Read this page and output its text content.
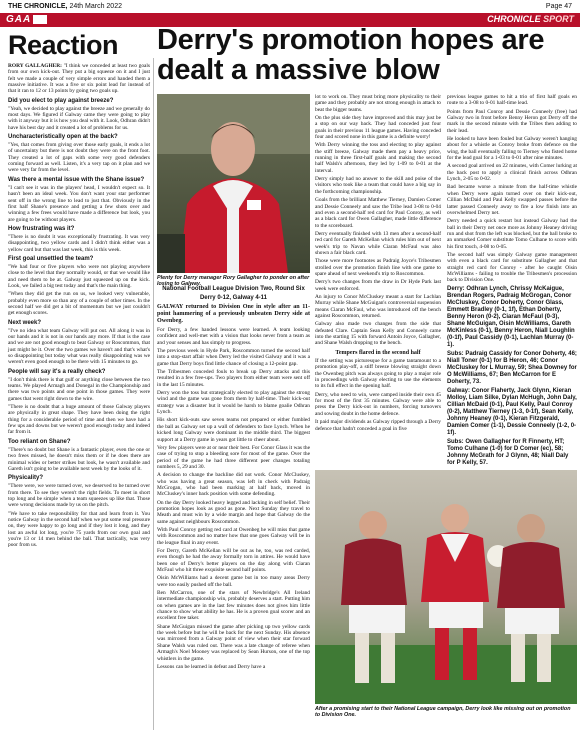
THE CHRONICLE, 24th March 2022	Page 47
GAA	CHRONICLE SPORT
Reaction

RORY GALLAGHER: "I think we conceded at least two goals from our own kick-out. They put a big squeeze on it and I just felt we made a couple of very simple errors and handed them a massive initiative. It was a five or six point lead for instead of that it ran to 12 or 13 points by going two goals up.

Did you elect to play against breeze?

"Yeah, we decided to play against the breeze and we generally do most days. We figured if Galway came they were going to play with it anyway but it is how you deal with it. Look, Odhran didn't have his best day and it created a lot of problems for us.

Uncharacteristically open at the back?

"Yes, that comes from giving over those early goals, it ends a lot of uncertainty but there is not doubt they were on the front foot. They created a lot of gaps with some very good defenders coming forward as well. Listen, it's a very tap on it plan and we were very far from the level.

Was there a mental issue with the Shane issue?

"I can't see it was in the players' head, I wouldn't expect so. It hasn't been an ideal week. You don't want your star performer sent off in the wrong line to lead to just that. Obviously in the first half Shane's presence and getting a few shots over and winning a few frees would have made a difference but look, you are going to be without players.

How frustrating was it?

"There is no doubt it was exceptionally frustrating. It was very disappointing, two yellow cards and I didn't think either was a yellow card but that was last week, this is this week.

First goal unsettled the team?

"We had four or five players who were not playing anywhere close to the level that they normally would, or that we would like and need them to be at. Galway just squeezed up on the kick. Look, we failed a big test today and that's the main thing.

"When they did get the run on us, we looked very vulnerable, probably even more so than any of a couple of other times. In the second half we did get a bit of momentum but we just couldn't get enough scores.

Next week?

"I've no idea what team Galway will put out. All along it was in our hands and it is not in our hands any more. If that is the case and we are not good enough to beat Galway or Roscommon, that just might be it. Over the two games we haven't and that's what's so disappointing but today what was really disappointing was we weren't even good enough to be there with 15 minutes to go.

People will say it's a really check?

"I don't think there is that gulf or anything close between the two teams. We played Armagh and Donegal in the Championship and there was two points and one point in those games. They were games that went right down to the wire.

"There is no doubt that a huge amount of those Galway players are physically in great shape. They have been doing the right thing for a considerable period of time and then we have had a few ups and downs but we weren't good enough today and indeed far from it.

Too reliant on Shane?

"There's no doubt but Shane is a fantastic player, even the one or two frees missed, he doesn't miss them or if he does there are minimal wides or better strikes but look, he wasn't available and Gareth isn't going to be available next week by the looks of it.

Physicality?

"There were, we were turned over, we deserved to be turned over from there. To see they weren't the right fields. To meet in short top long and be simple when a team squeezes up like that. Those were wrong decisions made by us on the pitch.

"We have to take responsibility for that and learn from it. You notice Galway in the second half when we put some real pressure on, they were happy to go long and if they lost it long, and they lost an awful lot long, you're 75 yards from our own goal and you're 13 or 14 men behind the ball. That tactically, was very poor from us.

Derry's promotion hopes are dealt a massive blow
Plenty for Derry manager Rory Gallagher to ponder on after losing to Galway.
National Football League Division Two, Round Six
Derry 0-12, Galway 4-11

GALWAY returned to Division One in style after an 11-point hammering of a previously unbeaten Derry side at Owenbeg.

For Derry, a few handed lessons were learned. A team looking confident and well-met with a vision that looks never from a team as and your senses and has simply to progress.

The previous week in Hyde Park, Roscommon turned the second half into a stop-start affair when Derry led the visited Galway and it was a game that Derry boys find little chance of closing a 12-point gap.

The Tribesmen conceded fouls to break up Derry attacks and this resulted in a few free-ups. Two players from either team were sent off in the last 15 minutes.

Derry won the toss but strategically elected to play against the strong wind and the game was gone from them by half-time. Their kick-out strategy was a disaster but it would be harsh to blame goalie Odhran Lynch.

His short kick-outs saw seven teams not prepared or either fumbled the ball as Galway set up a wall of defenders to face Lynch. When he kicked long Galway were dominant in the middle third. The biggest support at a Derry game in years got little to cheer about.

Very few players were at or near their best. For Conor Glass it was the case of trying to stop a bleeding sore for most of the game. Over the period of the game he had three different peer changes totaling numbers 5, 29 and 30.

A decision to change the backline did not work. Conor McCluskey, who was having a great season, was left in check with Padraig McGrogan, who had been marking at half back, moved in McCluskey's inner back position with some defending.

On the day Derry looked heavy legged and lacking in self belief. Their promotion hopes look as good as gone. Next Sunday they travel to Meath and must win by a wide margin and hope that Galway do the same against neighbours Roscommon.

With Paul Conroy getting red card at Owenbeg he will miss that game with Roscommon and no matter how that one goes Galway will be in the league final in any event.

For Derry, Gareth McKellan will be out as he, too, was red carded, even though he had the away formally torn in attires. He would have been one of Derry's better players on the day along with Ciaran McFaul who hit three exquisite second half points.

Oisin McWilliams had a decent game but in too many areas Derry were too easily pushed off the ball.

Ben McCarron, one of the stars of Newbridge's All Ireland intermediate championship win, probably deserves a start. Putting him on when games are in the last few minutes does not gives him little chance to show what ability he has. He is a proven goal scorer and an excellent free taker.

Shane McGuigan missed the game after picking up two yellow cards the week before but he will be back for the next Sunday. His absence was mirrored from a Galway point of view when their star forward Shane Walsh was ruled out. There was a late change of referee when Armagh's Noel Mooney was replaced by Sean Hurson, one of the top whistlers in the game.

Lessons can be learned in defeat and Derry have a

lot to work on. They must bring more physicality to their game and they probably are not strong enough in attack to beat the bigger teams.

On the plus side they have improved and this may just be a stop on our way back. They had conceded just four goals in their previous 11 league games. Having conceded four and scored none in this game is a definite worry!

With Derry winning the toss and electing to play against the stiff breeze, Galway made them pay a heavy price, running in three first-half goals and making the second half Walsh's afternoon, they led by 1-09 to 0-01 at the interval.

Derry simply had no answer to the skill and poise of the visitors who took like a team that could have a big say in the forthcoming championship.

Goals from the brilliant Matthew Tierney, Damien Comer and Dessie Conneely and saw the Tribe lead 3-08 to 0-04 and even a second-half red card for Paul Conroy, as well as a black card for Owen Gallagher, made little difference to the scoreboard.

Derry eventually finished with 13 men after a second-half red card for Gareth McKellan which rules him out of next week's trip to Navan while Ciaran McFaul was also shown a fair black card.

Those were more footnotes as Padraig Joyce's Tribesmen strolled over the promotion finish line with one game to spare ahead of next weekend's trip to Roscommon.

Derry's two changes from the draw in Dr Hyde Park last week were enforced.

An injury to Conor McCluskey meant a start for Lachlan Murray while Shane McGuigan's controversial suspension means Ciaran McFaul, who was introduced off the bench against Roscommon, returned.

Galway also made two changes from the side that defeated Clare. Captain Sean Kelly and Conneely came into the starting 15 with forward Antoin Joyce, Gallagher, and Shane Walsh dropping to the bench.

Tempers flared in the second half

If the setting was picturesque for a game tantamount to a promotion play-off, a stiff breeze blowing straight down the Owenbeg pitch was always going to play a major role in proceedings with Galway electing to use the elements to its full effect in the opening half.

Derry, who need to win, were camped inside their own 45 for most of the first 35 minutes. Galway were able to press the Derry kick-out in numbers, forcing turnovers and sowing doubt in the home defence.

It paid major dividends as Galway ripped through a Derry defence that hadn't conceded a goal in five

previous league games to hit a trio of first half goals en route to a 3-08 to 0-01 half-time lead.

Points from Paul Conroy and Dessie Conneely (free) had Galway two in front before Benny Heron got Derry off the mark in the second minute with the Tribes then adding to their lead.

He looked to have been fouled but Galway weren't hanging about for a whistle as Conroy broke from defence on the wing, the ball eventually falling to Tierney who fisted home for the lead goal for a 1-03 to 0-01 after nine minutes.

A second goal arrived on 22 minutes, with Comer lurking at the back post to apply a clinical finish across Odhran Lynch, 2-05 to 0-02.

Bad became worse a minute from the half-time whistle when Derry were again turned over on their kick-out, Cillian McDaid and Paul Kelly swapped passes before the latter passed Conneely away to fire a low finish into an overwhelmed Derry net.

Derry needed a quick restart but instead Galway had the ball in their Derry net once more as Johnny Heaney driving run and shot from the left was blocked, but the ball broke to an unmarked Comer substitute Tomo Culhane to score with his first touch, 4-08 to 0-05.

The second half was simply Galway game management with even a black card for substitute Gallagher and that straight red card for Conroy - after he caught Oisin McWilliams - failing to trouble the Tribesmen's procession back to Division One.

Derry: Odhran Lynch, Chrissy McKaigue, Brendan Rogers, Padraig McGrogan, Conor McCluskey, Conor Doherty, Conor Glass, Emmett Bradley (0-1, 1f), Ethan Doherty, Benny Heron (0-2), Ciaran McFaul (0-3), Shane McGuigan, Oisin McWilliams, Gareth McKinless (0-1), Benny Heron, Niall Loughlin (0-1f), Paul Cassidy (0-1), Lachlan Murray (0-1).

Subs: Padraig Cassidy for Conor Doherty, 46; Niall Toner (0-1) for B Heron, 46; Conor McCluskey for L Murray, 59; Shea Downey for O McWilliams, 67; Ben McCarron for E Doherty, 73.

Galway: Conor Flaherty, Jack Glynn, Kieran Molloy, Liam Silke, Dylan McHugh, John Daly, Cillian McDaid (0-1), Paul Kelly, Paul Conroy (0-2), Matthew Tierney (1-3, 0-1f), Sean Kelly, Johnny Heaney (0-1), Kieran Fitzgerald, Damien Comer (1-1), Dessie Conneely (1-2, 0-1f).

Subs: Owen Gallagher for R Finnerty, HT; Tomo Culhane (1-0) for D Comer (ec), 58; Johnny McGrath for J Glynn, 48; Niall Daly for P Kelly, 57.

After a promising start to their National League campaign, Derry look like missing out on promotion to Division One.
